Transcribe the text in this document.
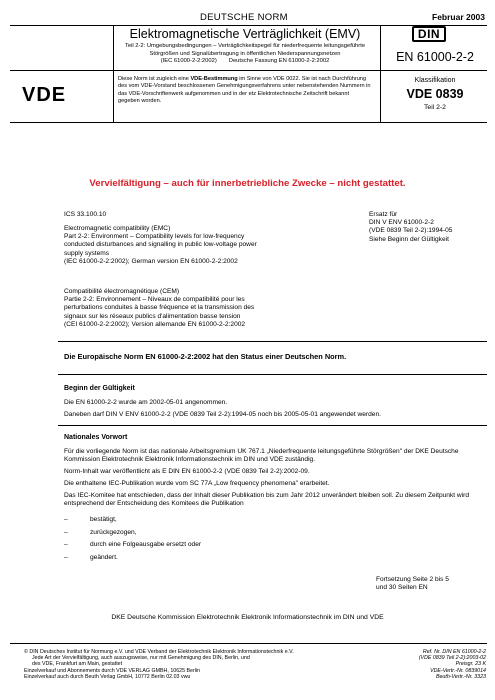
DEUTSCHE NORM	Februar 2003
Elektromagnetische Verträglichkeit (EMV)
Teil 2-2: Umgebungsbedingungen – Verträglichkeitspegel für niederfrequente leitungsgeführte
Störgrößen und Signalübertragung in öffentlichen Niederspannungsnetzen
(IEC 61000-2-2:2002) Deutsche Fassung EN 61000-2-2:2002
DIN
EN 61000-2-2
VDE
Diese Norm ist zugleich eine VDE-Bestimmung im Sinne von VDE 0022. Sie ist nach Durchführung des vom VDE-Vorstand beschlossenen Genehmigungsverfahrens unter nebenstehenden Nummern in das VDE-Vorschriftenwerk aufgenommen und in der etz Elektrotechnische Zeitschrift bekannt gegeben worden.
Klassifikation
VDE 0839
Teil 2-2
Vervielfältigung – auch für innerbetriebliche Zwecke – nicht gestattet.
ICS 33.100.10
Electromagnetic compatibility (EMC)
Part 2-2: Environment – Compatibility levels for low-frequency
conducted disturbances and signalling in public low-voltage power
supply systems
(IEC 61000-2-2:2002); German version EN 61000-2-2:2002
Compatibilité électromagnétique (CEM)
Partie 2-2: Environnement – Niveaux de compatibilité pour les
perturbations conduites à basse fréquence et la transmission des
signaux sur les réseaux publics d'alimentation basse tension
(CEI 61000-2-2:2002); Version allemande EN 61000-2-2:2002
Ersatz für
DIN V ENV 61000-2-2
(VDE 0839 Teil 2-2):1994-05
Siehe Beginn der Gültigkeit
Die Europäische Norm EN 61000-2-2:2002 hat den Status einer Deutschen Norm.
Beginn der Gültigkeit
Die EN 61000-2-2 wurde am 2002-05-01 angenommen.
Daneben darf DIN V ENV 61000-2-2 (VDE 0839 Teil 2-2):1994-05 noch bis 2005-05-01 angewendet werden.
Nationales Vorwort
Für die vorliegende Norm ist das nationale Arbeitsgremium UK 767.1 „Niederfrequente leitungsgeführte Störgrößen" der DKE Deutsche Kommission Elektrotechnik Elektronik Informationstechnik im DIN und VDE zuständig.
Norm-Inhalt war veröffentlicht als E DIN EN 61000-2-2 (VDE 0839 Teil 2-2):2002-09.
Die enthaltene IEC-Publikation wurde vom SC 77A „Low frequency phenomena" erarbeitet.
Das IEC-Komitee hat entschieden, dass der Inhalt dieser Publikation bis zum Jahr 2012 unverändert bleiben soll. Zu diesem Zeitpunkt wird entsprechend der Entscheidung des Komitees die Publikation
–	bestätigt,
–	zurückgezogen,
–	durch eine Folgeausgabe ersetzt oder
–	geändert.
Fortsetzung Seite 2 bis 5
und 30 Seiten EN
DKE Deutsche Kommission Elektrotechnik Elektronik Informationstechnik im DIN und VDE
© DIN Deutsches Institut für Normung e.V. und VDE Verband der Elektrotechnik Elektronik Informationstechnik e.V.
Jede Art der Vervielfältigung, auch auszugsweise, nur mit Genehmigung des DIN, Berlin, und
des VDE, Frankfurt am Main, gestattet
Einzelverkauf und Abonnements durch VDE VERLAG GMBH, 10625 Berlin
Einzelverkauf auch durch Beuth Verlag GmbH, 10772 Berlin 02.03 vwu
Ref. Nr. DIN EN 61000-2-2
(VDE 0839 Teil 2-2):2003-02
Preisgr. 23 K
VDE-Vertr.-Nr. 0839014
Beuth-Vertr.-Nr. 3323
